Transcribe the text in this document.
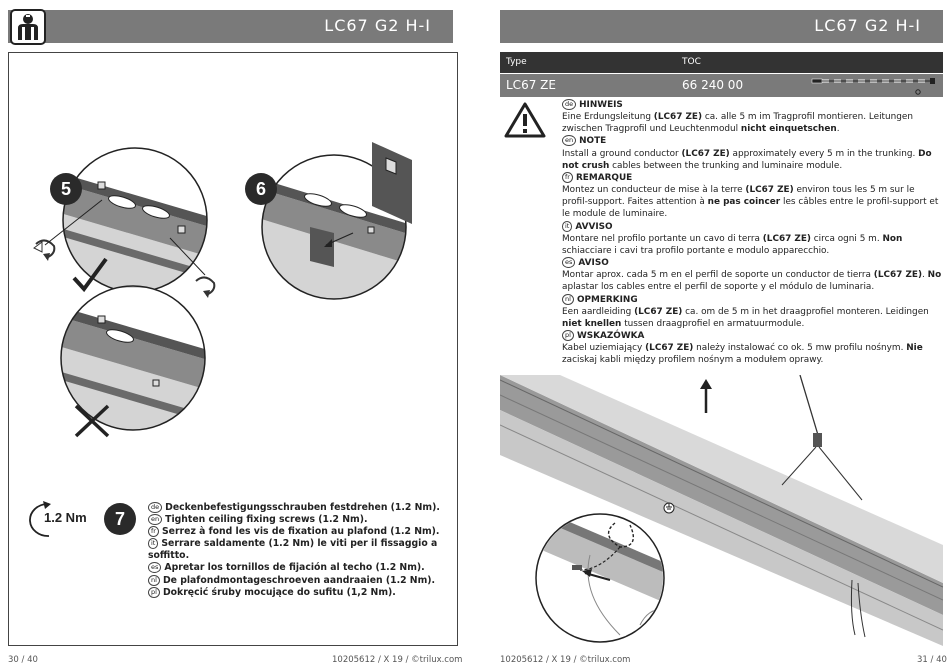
LC67 G2 H-I
5	6
1.2 Nm	7
de Deckenbefestigungsschrauben festdrehen (1.2 Nm).
en Tighten ceiling fixing screws (1.2 Nm).
fr Serrez à fond les vis de fixation au plafond (1.2 Nm).
it Serrare saldamente (1.2 Nm) le viti per il fissaggio a soffitto.
es Apretar los tornillos de fijación al techo (1.2 Nm).
nl De plafondmontageschroeven aandraaien (1.2 Nm).
pl Dokręcić śruby mocujące do sufitu (1,2 Nm).
30 / 40	10205612 / X 19 / ©trilux.com
LC67 G2 H-I
Type	TOC
LC67 ZE	66 240 00

de HINWEIS

Eine Erdungsleitung (LC67 ZE) ca. alle 5 m im Tragprofil montieren. Leitungen zwischen Tragprofil und Leuchtenmodul nicht einquetschen.

en NOTE

Install a ground conductor (LC67 ZE) approximately every 5 m in the trunking. Do not crush cables between the trunking and luminaire module.

fr REMARQUE

Montez un conducteur de mise à la terre (LC67 ZE) environ tous les 5 m sur le profil-support. Faites attention à ne pas coincer les câbles entre le profil-support et le module de luminaire.

it AVVISO

Montare nel profilo portante un cavo di terra (LC67 ZE) circa ogni 5 m. Non schiacciare i cavi tra profilo portante e modulo apparecchio.

es AVISO

Montar aprox. cada 5 m en el perfil de soporte un conductor de tierra (LC67 ZE). No aplastar los cables entre el perfil de soporte y el módulo de luminaria.

nl OPMERKING

Een aardleiding (LC67 ZE) ca. om de 5 m in het draagprofiel monteren. Leidingen niet knellen tussen draagprofiel en armatuurmodule.

pl WSKAZÓWKA

Kabel uziemiający (LC67 ZE) należy instalować co ok. 5 mw profilu nośnym. Nie zaciskaj kabli między profilem nośnym a modułem oprawy.

10205612 / X 19 / ©trilux.com	31 / 40
